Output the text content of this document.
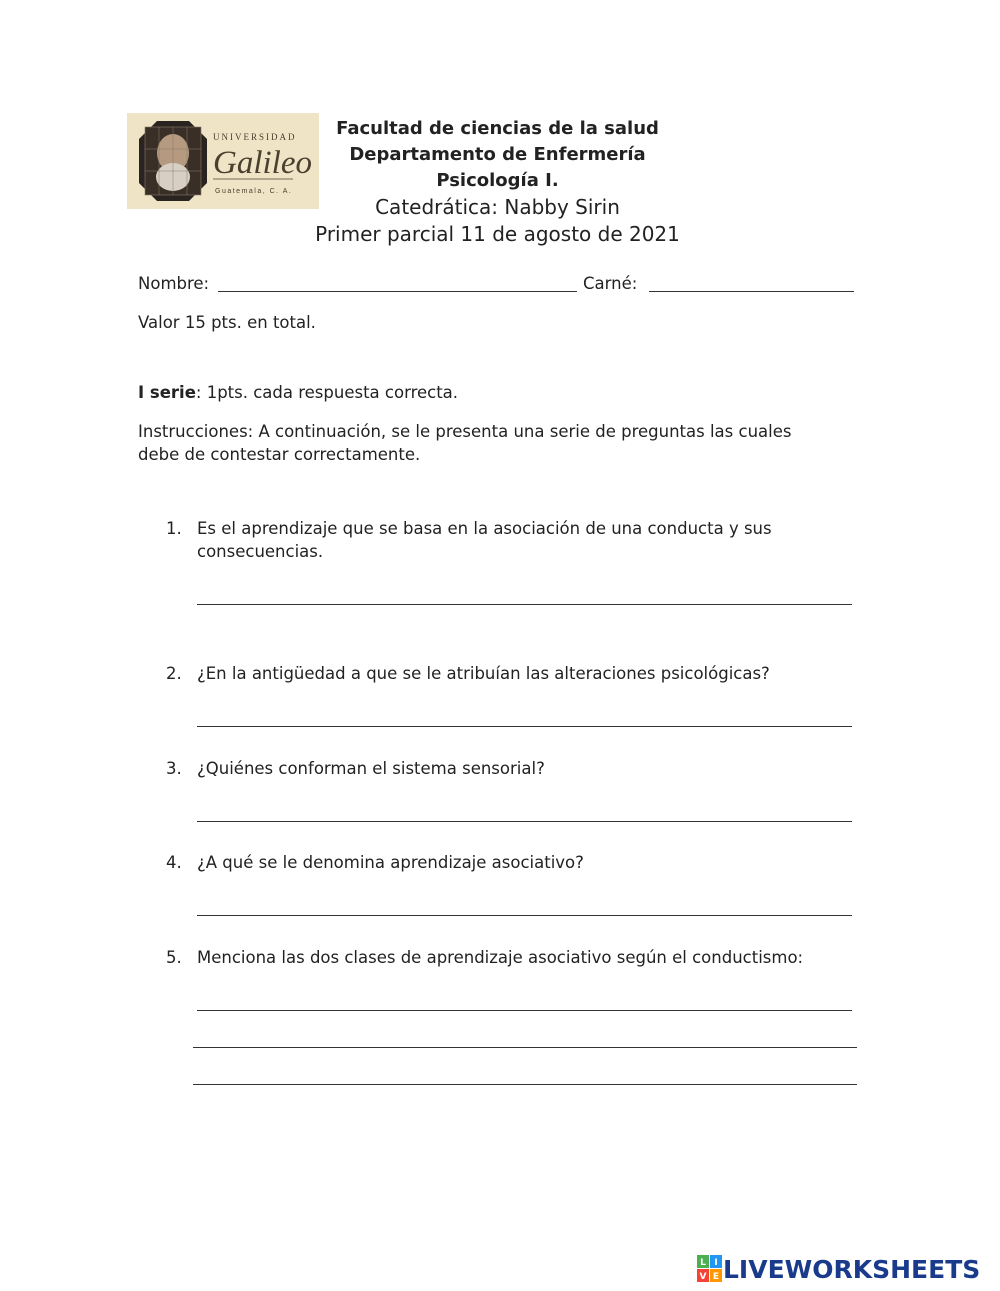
UNIVERSIDAD
Galileo
Guatemala, C. A.
Facultad de ciencias de la salud
Departamento de Enfermería
Psicología I.
Catedrática: Nabby Sirin
Primer parcial 11 de agosto de 2021
Nombre:	Carné:
Valor 15 pts. en total.
I serie: 1pts. cada respuesta correcta.
Instrucciones: A continuación, se le presenta una serie de preguntas las cuales
debe de contestar correctamente.
1. Es el aprendizaje que se basa en la asociación de una conducta y sus
consecuencias.
2. ¿En la antigüedad a que se le atribuían las alteraciones psicológicas?
3. ¿Quiénes conforman el sistema sensorial?
4. ¿A qué se le denomina aprendizaje asociativo?
5. Menciona las dos clases de aprendizaje asociativo según el conductismo:
L I
V E LIVEWORKSHEETS
